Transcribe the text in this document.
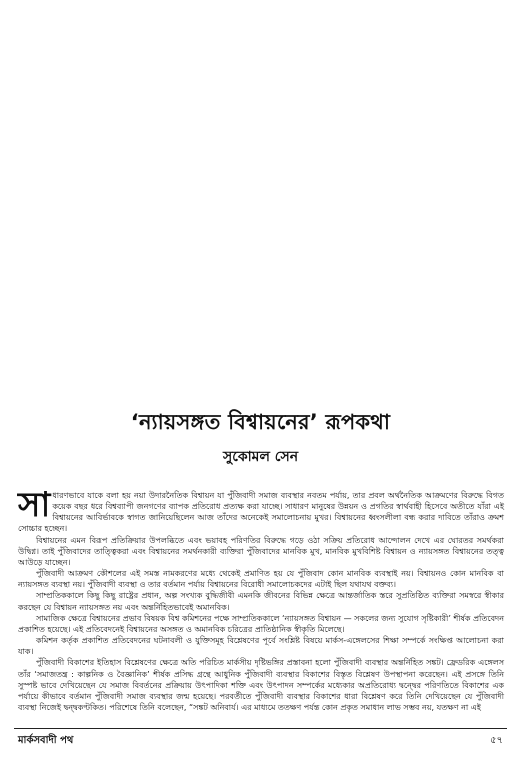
‘ন্যায়সঙ্গত বিশ্বায়নের’ রূপকথা
সুকোমল সেন

সাধারণভাবে যাকে বলা হয় নয়া উদারনৈতিক বিশ্বায়ন যা পুঁজিবাদী সমাজ ব্যবস্থার নবতম পর্যায়, তার প্রবল অর্থনৈতিক আক্রমণের বিরুদ্ধে বিগত কয়েক বছর ধরে বিশ্বব্যাপী জনগণের ব্যাপক প্রতিরোধ প্রত্যক্ষ করা যাচ্ছে। সাধারণ মানুষের উন্নয়ন ও প্রগতির স্বার্থবাহী হিসেবে অতীতে যাঁরা এই বিশ্বায়নের আবির্ভাবকে স্বাগত জানিয়েছিলেন আজ তাঁদের অনেকেই সমালোচনায় মুখর। বিশ্বায়নের ধ্বংসলীলা বন্ধ করার দাবিতে তাঁরাও ক্রমশ সোচ্চার হচ্ছেন।

বিশ্বায়নের এমন বিরূপ প্রতিক্রিয়ার উপলব্ধিতে এবং ভয়াবহ পরিণতির বিরুদ্ধে গড়ে ওঠা সক্রিয় প্রতিরোধ আন্দোলন দেখে এর ঘোরতর সমর্থকরা উদ্বিগ্ন। তাই পুঁজিবাদের তাত্ত্বিকরা এবং বিশ্বায়নের সমর্থনকারী ব্যক্তিরা পুঁজিবাদের মানবিক মুখ, মানবিক মুখবিশিষ্ট বিশ্বায়ন ও ন্যায়সঙ্গত বিশ্বায়নের তত্ত্ব আউড়ে যাচ্ছেন।

পুঁজিবাদী আক্রমণ কৌশলের এই সমস্ত নামকরণের মধ্যে থেকেই প্রমাণিত হয় যে পুঁজিবাদ কোন মানবিক ব্যবস্থাই নয়। বিশ্বায়নও কোন মানবিক বা ন্যায়সঙ্গত ব্যবস্থা নয়। পুঁজিবাদী ব্যবস্থা ও তার বর্তমান পর্যায় বিশ্বায়নের বিরোধী সমালোচকদের এটাই ছিল যথাযথ বক্তব্য।

সাম্প্রতিককালে কিছু কিছু রাষ্ট্রের প্রধান, অল্প সংখ্যক বুদ্ধিজীবী এমনকি জীবনের বিভিন্ন ক্ষেত্রে আন্তর্জাতিক স্তরে সুপ্রতিষ্ঠিত ব্যক্তিরা সমস্বরে স্বীকার করছেন যে বিশ্বায়ন ন্যায়সঙ্গত নয় এবং অন্তর্নিহিতভাবেই অমানবিক।

সামাজিক ক্ষেত্রে বিশ্বায়নের প্রভাব বিষয়ক বিশ্ব কমিশনের পক্ষে সাম্প্রতিককালে ‘ন্যায়সঙ্গত বিশ্বায়ন — সকলের জন্য সুযোগ সৃষ্টিকারী’ শীর্ষক প্রতিবেদন প্রকাশিত হয়েছে। এই প্রতিবেদনেই বিশ্বায়নের অসঙ্গত ও অমানবিক চরিত্রের প্রাতিষ্ঠানিক স্বীকৃতি মিলেছে।

কমিশন কর্তৃক প্রকাশিত প্রতিবেদনের ঘটনাবলী ও যুক্তিসমূহ বিশ্লেষণের পূর্বে সংশ্লিষ্ট বিষয়ে মার্কস-এঙ্গেলসের শিক্ষা সম্পর্কে সংক্ষিপ্ত আলোচনা করা যাক।

পুঁজিবাদী বিকাশের ইতিহাস বিশ্লেষণের ক্ষেত্রে অতি পরিচিত মার্কসীয় দৃষ্টিভঙ্গির প্রস্তাবনা হলো পুঁজিবাদী ব্যবস্থার অন্তর্নিহিত সঙ্কট। ফ্রেডরিক এঙ্গেলস তাঁর ‘সমাজতন্ত্র : কাল্পনিক ও বৈজ্ঞানিক’ শীর্ষক প্রসিদ্ধ গ্রন্থে আধুনিক পুঁজিবাদী ব্যবস্থার বিকাশের বিস্তৃত বিশ্লেষণ উপস্থাপনা করেছেন। এই প্রসঙ্গে তিনি সুস্পষ্ট ভাবে দেখিয়েছেন যে সমাজ বিবর্তনের প্রক্রিয়ায় উৎপাদিকা শক্তি এবং উৎপাদন সম্পর্কের মধ্যেকার অপ্রতিরোধ্য দ্বন্দ্বের পরিণতিতে বিকাশের এক পর্যায়ে কীভাবে বর্তমান পুঁজিবাদী সমাজ ব্যবস্থার জন্ম হয়েছে। পরবর্তীতে পুঁজিবাদী ব্যবস্থার বিকাশের ধারা বিশ্লেষণ করে তিনি দেখিয়েছেন যে পুঁজিবাদী ব্যবস্থা নিজেই দ্বন্দ্বকণ্টকিত। পরিশেষে তিনি বলেছেন, “সঙ্কট অনিবার্য। এর মাধ্যমে ততক্ষণ পর্যন্ত কোন প্রকৃত সমাধান লাভ সম্ভব নয়, যতক্ষণ না এই

মার্কসবাদী পথ	৫৭
